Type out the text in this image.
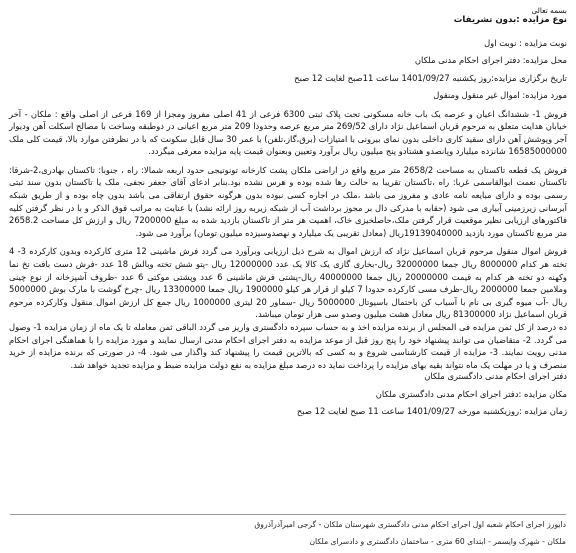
بسمه تعالی
نوع مزایده :بدون تشریفات
نوبت مزایده : نوبت اول
محل مزایده: دفتر اجرای احکام مدنی ملکان
تاریخ برگزاری مزایده:روز یکشنبه 1401/09/27 ساعت 11صبح لغایت 12 صبح
مورد مزایده: اموال غیر منقول ومنقول
فروش 1- ششدانگ اعیان و عرصه یک باب خانه مسکونی تحت پلاک ثبتی 6300 فرعی از 41 اصلی مفروز ومجزا از 169 فرعی از اصلی واقع : ملکان - آخر خیابان هدایت متعلق به مرحوم قربان اسماعیل نژاد دارای 269/52 متر مربع عرصه وحدودا 209 متر مربع اعیانی در دوطبقه وساخت با مصالح اسکلت آهن ودیوار آجر وپوشش آهن دارای سقید کاری داخلی بدون نمای بیرونی با امتیازات (برق،گاز،تلفن) با عمر 30 سال قابل سکونت که با در نظرفتن موارد بالا، قیمت کلی ملک 16585000000 شانزده میلیارد وپانصدو هشتادو پنج میلیون ریال برآورد وتعیین وبعنوان قیمت پایه مزایده معرفی میگردد.
فروش یک قطعه تاکستان به مساحت 2658/2 متر مربع واقع در اراضی ملکان پشت کارخانه تونوتیجی حدود اربعه شمالا: راه ، جنوبا: تاکستان بهادری،2-شرقا: تاکستان نعمت ابوالقاسمی غربا: راه ،تاکستان تقریبا به حالت رها شده بوده و هرس نشده بود.بنابر ادعای آقای جعفر نجفی، ملک یا تاکستان بدون سند ثبتی رسمی بوده و دارای مبایعه نامه عادی و مفروز می باشد ،ملک در اجاره کسی نبوده بدون هرگونه حقوق ارتفاقی می باشد بدون چاه بوده و از طریق شبکه آبرسانی زیرزمینی آبیاری می شود (حقابه با مدرکی دال بر مجوز برداشت آب از شبکه زیربه روز ارائه نشد) با عنایت به مراتب فوق الذکر و با در نظر گرفتن کلیه فاکتورهای ارزیابی نظیر موقعیت قرار گرفتن ملک،حاصلخیزی خاک، اهمیت هر متر از تاکستان بازدید شده به مبلغ 7200000 ریال و ارزش کل مساحت 2658.2 متر مربع تاکستان مورد بازدید 19139040000ریال (معادل تقریبی یک میلیارد و نهصدوسیزده میلیون تومان) برآورد می شود.
فروش اموال منقول مرحوم قربان اسماعیل نژاد که ارزش اموال به شرح ذیل ارزیابی وبرآورد می گردد فرش ماشینی 12 متری کارکرده وبدون کارکرده 3- 4 تخته هر کدام 8000000 ریال جمعا 32000000 ریال-بخاری گازی یک کالا یک عدد 12000000 ریال -پتو شش تخته وبالش 18 عدد -فرش دست بافت نخ نما وکهنه دو تخته هر کدام به قیمت 20000000 ریال جمعا 40000000 ریال-پشتی فرش ماشینی 6 عدد وپشتی موکتی 6 عدد -ظروف آشپزخانه از نوع چینی وملامین جمعا 2000000 ریال-ظرف مسی کارکرده حدودا 7 کیلو از قرار هر کیلو 1900000 ریال جمعا 13300000 ریال -چرخ گوشت با مارک بوش 5000000 ریال -آب میوه گیری بی نام با آسیاب کن باحتمال باسیوتال 5000000 ریال -سماور 20 لیتری 1000000 ریال جمع کل ارزش اموال منقول وکارکرده مرحوم قربان اسماعیل نژاد 81300000 ریال معادل هشت میلیون وصدو سی هزار تومان میباشد.
ده درصد از کل ثمن مزایده فی المجلس از برنده مزایده اخذ و به حساب سپرده دادگستری واریز می گردد الباقی ثمن معامله تا یک ماه از زمان مزایده 1- وصول می گردد. 2- متقاضیان می توانند پیشنهاد خود را پنج روز قبل از موعد مزایده به دفتر اجرای احکام مدنی ارسال نمایند و مورد مزایده را با هماهنگی اجرای احکام مدنی رویت نمایند. 3- مزایده از قیمت کارشناسی شروع و به کسی که بالاترین قیمت را پیشنهاد کند واگذار می شود. 4- در صورتی که برنده مزایده از خرید منصرف و یا در مهلت یک ماه نتواند بقیه بهای مزایده را پرداخت نماید ده درصد مبلغ مزایده به نفع دولت مزایده ضبط و مزایده تجدید خواهد شد.
دفتر اجرای احکام مدنی دادگستری ملکان
مکان مزایده :دفتر اجرای احکام مدنی دادگستری ملکان
زمان مزایده :روزیکشنبه مورخه 1401/09/27 ساعت 11 صبح لغایت 12 صبح
دایورز اجرای احکام شعبه اول اجرای احکام مدنی دادگستری شهرستان ملکان - گرجی امیرآذرآذروق
ملکان - شهرک وایسمر - ابتدای 60 متری - ساختمان دادگستری و دادسرای ملکان
